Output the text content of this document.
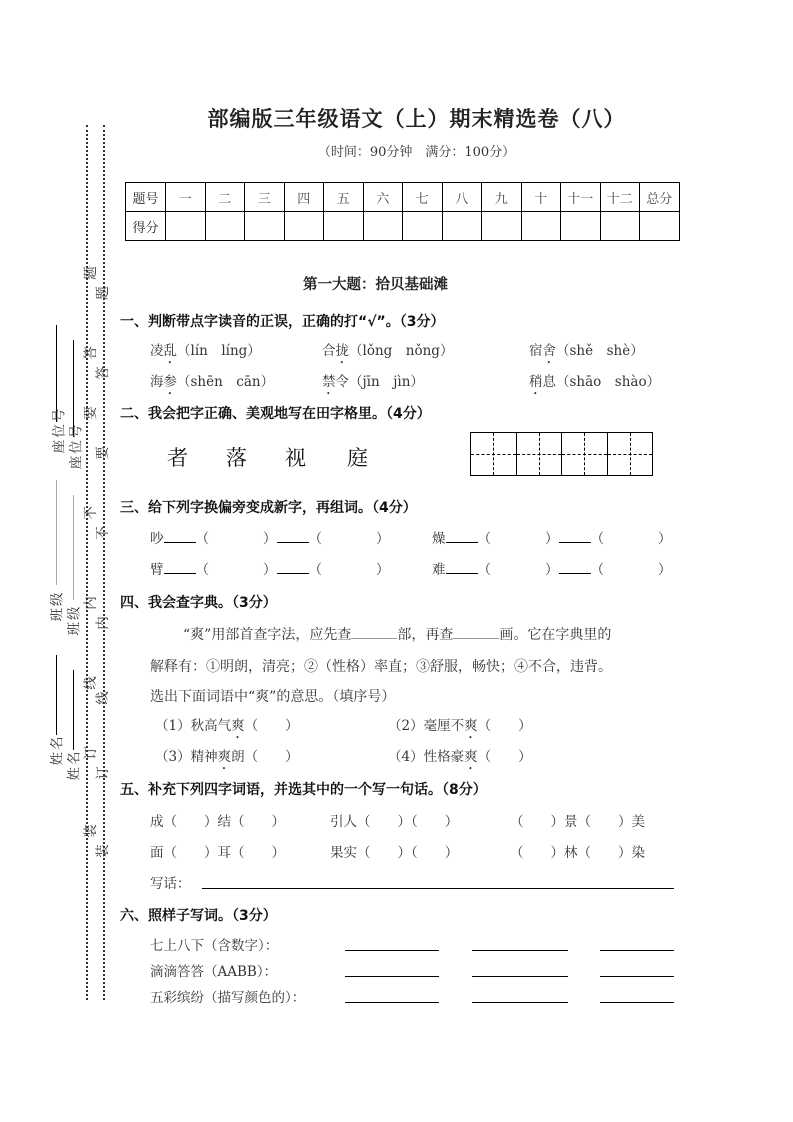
座位号 座位号
班级 班级
姓名 姓名
题
答
要
不
内
线
订
装
题
答
要
不
内
线
订
装
部编版三年级语文（上）期末精选卷（八）
（时间：90分钟　满分：100分）
题号	一	二	三	四	五	六	七	八	九	十	十一	十二	总分
得分													
第一大题：拾贝基础滩
一、判断带点字读音的正误，正确的打“√”。（3分）
凌乱（lín　líng）	合拢（lǒng　nǒng）	宿舍（shě　shè）
海参（shēn　cān）	禁令（jīn　jìn）	稍息（shāo　shào）
二、我会把字正确、美观地写在田字格里。（4分）
者 落 视 庭
三、给下列字换偏旁变成新字，再组词。（4分）
吵 （　　　　） （　　　　）	燥 （　　　　） （　　　　）
臂 （　　　　） （　　　　）	难 （　　　　） （　　　　）
四、我会查字典。（3分）
“爽”用部首查字法，应先查	部，再查	画。它在字典里的
解释有：①明朗，清亮；②（性格）率直；③舒服，畅快；④不合，违背。
选出下面词语中“爽”的意思。（填序号）
（1）秋高气爽（　　）	（2）毫厘不爽（　　）
（3）精神爽朗（　　）	（4）性格豪爽（　　）
五、补充下列四字词语，并选其中的一个写一句话。（8分）
成（　　）结（　　）	引人（　　）（　　）	（　　）景（　　）美
面（　　）耳（　　）	果实（　　）（　　）	（　　）林（　　）染
写话：
六、照样子写词。（3分）
七上八下（含数字）：
滴滴答答（AABB）：
五彩缤纷（描写颜色的）：
